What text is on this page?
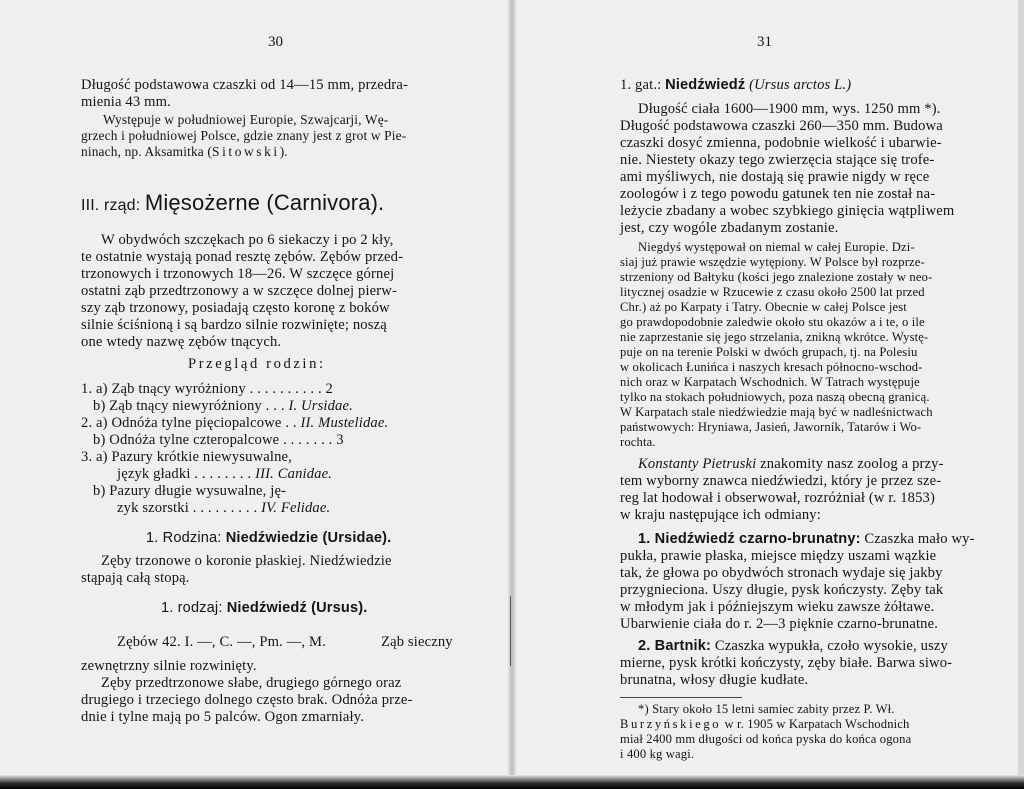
30
Długość podstawowa czaszki od 14—15 mm, przedra-
mienia 43 mm.
Występuje w południowej Europie, Szwajcarji, Wę-
grzech i południowej Polsce, gdzie znany jest z grot w Pie-
ninach, np. Aksamitka (Sitowski).
III. rząd: Mięsożerne (Carnivora).
W obydwóch szczękach po 6 siekaczy i po 2 kły,
te ostatnie wystają ponad resztę zębów. Zębów przed-
trzonowych i trzonowych 18—26. W szczęce górnej
ostatni ząb przedtrzonowy a w szczęce dolnej pierw-
szy ząb trzonowy, posiadają często koronę z boków
silnie ściśnioną i są bardzo silnie rozwinięte; noszą
one wtedy nazwę zębów tnących.
Przegląd rodzin:
1. a) Ząb tnący wyróżniony . . . . . . . . . . 2
b) Ząb tnący niewyróżniony . . . I. Ursidae.
2. a) Odnóża tylne pięciopalcowe . . II. Mustelidae.
b) Odnóża tylne czteropalcowe . . . . . . . 3
3. a) Pazury krótkie niewysuwalne,
język gładki . . . . . . . . III. Canidae.
b) Pazury długie wysuwalne, ję-
zyk szorstki . . . . . . . . . IV. Felidae.
1. Rodzina: Niedźwiedzie (Ursidae).
Zęby trzonowe o koronie płaskiej. Niedźwiedzie
stąpają całą stopą.
1. rodzaj: Niedźwiedź (Ursus).
Zębów 42. I. —, C. —, Pm. —, M.	Ząb sieczny
zewnętrzny silnie rozwinięty.
Zęby przedtrzonowe słabe, drugiego górnego oraz
drugiego i trzeciego dolnego często brak. Odnóża prze-
dnie i tylne mają po 5 palców. Ogon zmarniały.
31
1. gat.: Niedźwiedź (Ursus arctos L.)
Długość ciała 1600—1900 mm, wys. 1250 mm *).
Długość podstawowa czaszki 260—350 mm. Budowa
czaszki dosyć zmienna, podobnie wielkość i ubarwie-
nie. Niestety okazy tego zwierzęcia stające się trofe-
ami myśliwych, nie dostają się prawie nigdy w ręce
zoologów i z tego powodu gatunek ten nie został na-
leżycie zbadany a wobec szybkiego ginięcia wątpliwem
jest, czy wogóle zbadanym zostanie.
Niegdyś występował on niemal w całej Europie. Dzi-
siaj już prawie wszędzie wytępiony. W Polsce był rozprze-
strzeniony od Bałtyku (kości jego znalezione zostały w neo-
litycznej osadzie w Rzucewie z czasu około 2500 lat przed
Chr.) aż po Karpaty i Tatry. Obecnie w całej Polsce jest
go prawdopodobnie zaledwie około stu okazów a i te, o ile
nie zaprzestanie się jego strzelania, znikną wkrótce. Wystę-
puje on na terenie Polski w dwóch grupach, tj. na Polesiu
w okolicach Łunińca i naszych kresach północno-wschod-
nich oraz w Karpatach Wschodnich. W Tatrach występuje
tylko na stokach południowych, poza naszą obecną granicą.
W Karpatach stale niedźwiedzie mają być w nadleśnictwach
państwowych: Hryniawa, Jasień, Jaworník, Tatarów i Wo-
rochta.
Konstanty Pietruski znakomity nasz zoolog a przy-
tem wyborny znawca niedźwiedzi, który je przez sze-
reg lat hodował i obserwował, rozróżniał (w r. 1853)
w kraju następujące ich odmiany:
1. Niedźwiedź czarno-brunatny: Czaszka mało wy-
pukła, prawie płaska, miejsce między uszami wązkie
tak, że głowa po obydwóch stronach wydaje się jakby
przygnieciona. Uszy długie, pysk kończysty. Zęby tak
w młodym jak i późniejszym wieku zawsze żółtawe.
Ubarwienie ciała do r. 2—3 pięknie czarno-brunatne.
2. Bartnik: Czaszka wypukła, czoło wysokie, uszy
mierne, pysk krótki kończysty, zęby białe. Barwa siwo-
brunatna, włosy długie kudłate.
*) Stary około 15 letni samiec zabity przez P. Wł.
Burzyńskiego w r. 1905 w Karpatach Wschodnich
miał 2400 mm długości od końca pyska do końca ogona
i 400 kg wagi.
